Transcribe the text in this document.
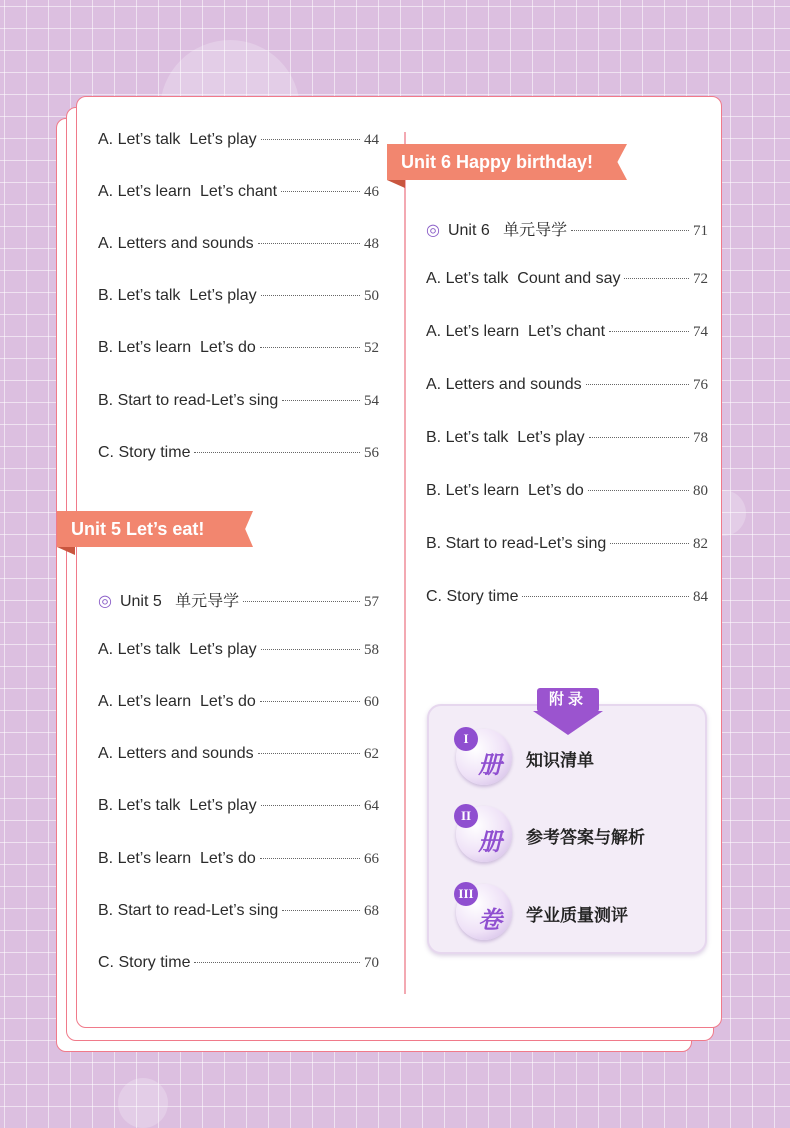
A. Let’s talk  Let’s play	44
A. Let’s learn  Let’s chant	46
A. Letters and sounds	48
B. Let’s talk  Let’s play	50
B. Let’s learn  Let’s do	52
B. Start to read-Let’s sing	54
C. Story time	56
Unit 5 Let’s eat!
◎ Unit 5   单元导学	57
A. Let’s talk  Let’s play	58
A. Let’s learn  Let’s do	60
A. Letters and sounds	62
B. Let’s talk  Let’s play	64
B. Let’s learn  Let’s do	66
B. Start to read-Let’s sing	68
C. Story time	70
Unit 6 Happy birthday!
◎ Unit 6   单元导学	71
A. Let’s talk  Count and say	72
A. Let’s learn  Let’s chant	74
A. Letters and sounds	76
B. Let’s talk  Let’s play	78
B. Let’s learn  Let’s do	80
B. Start to read-Let’s sing	82
C. Story time	84
附录
I
册 知识清单
II
册 参考答案与解析
III
卷 学业质量测评
